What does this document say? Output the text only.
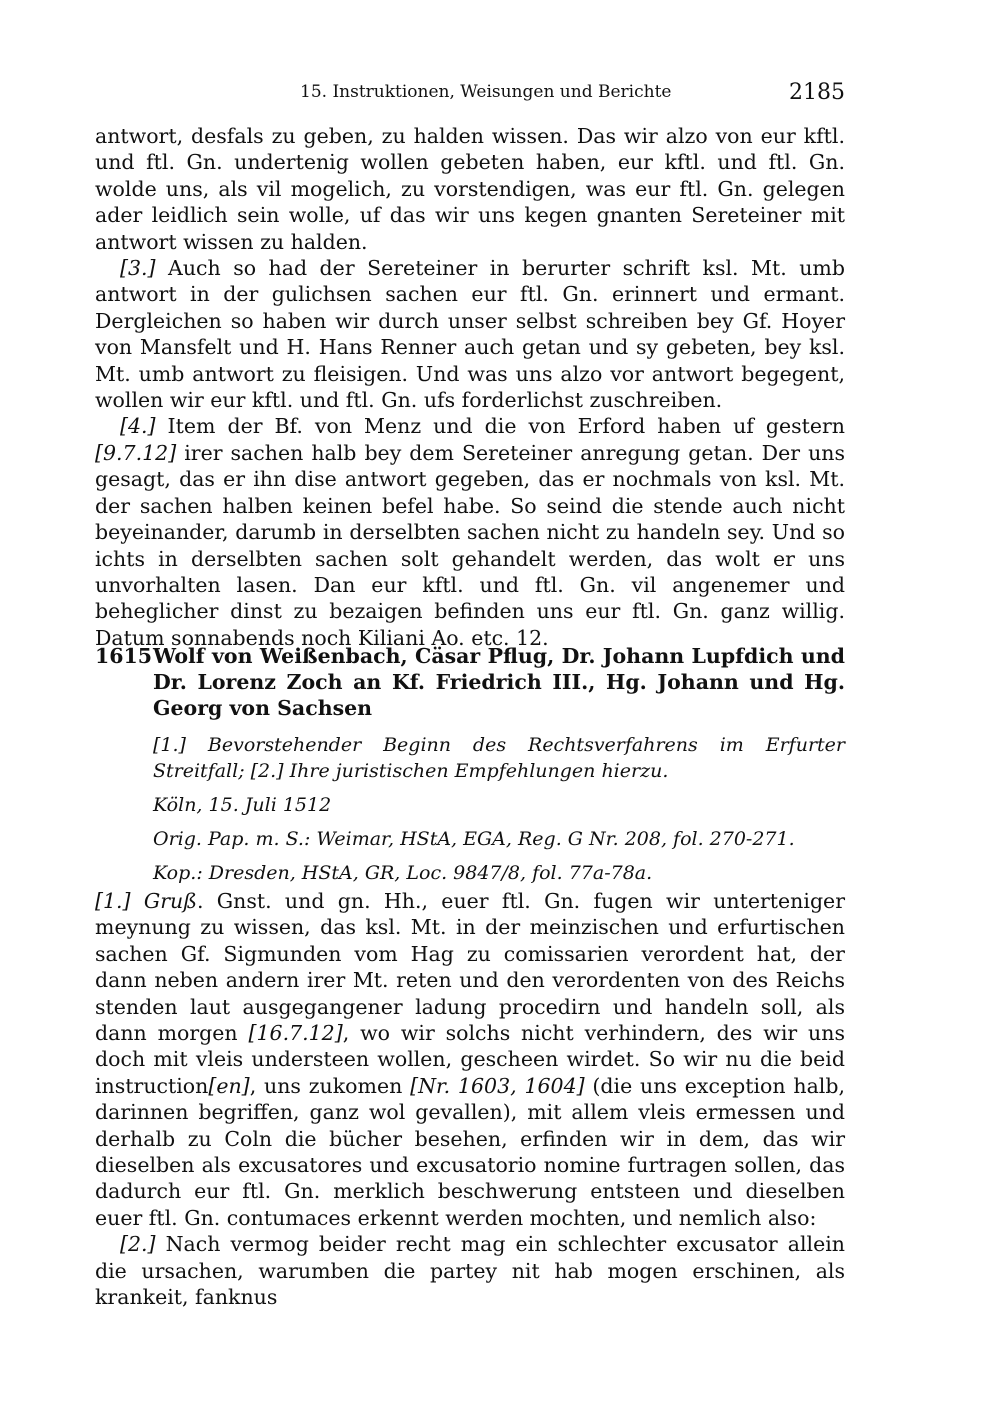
15. Instruktionen, Weisungen und Berichte	2185

antwort, desfals zu geben, zu halden wissen. Das wir alzo von eur kftl. und ftl. Gn. undertenig wollen gebeten haben, eur kftl. und ftl. Gn. wolde uns, als vil mogelich, zu vorstendigen, was eur ftl. Gn. gelegen ader leidlich sein wolle, uf das wir uns kegen gnanten Sereteiner mit antwort wissen zu halden.

[3.] Auch so had der Sereteiner in berurter schrift ksl. Mt. umb antwort in der gulichsen sachen eur ftl. Gn. erinnert und ermant. Dergleichen so haben wir durch unser selbst schreiben bey Gf. Hoyer von Mansfelt und H. Hans Renner auch getan und sy gebeten, bey ksl. Mt. umb antwort zu fleisigen. Und was uns alzo vor antwort begegent, wollen wir eur kftl. und ftl. Gn. ufs forderlichst zuschreiben.

[4.] Item der Bf. von Menz und die von Erford haben uf gestern [9.7.12] irer sachen halb bey dem Sereteiner anregung getan. Der uns gesagt, das er ihn dise antwort gegeben, das er nochmals von ksl. Mt. der sachen halben keinen befel habe. So seind die stende auch nicht beyeinander, darumb in derselbten sachen nicht zu handeln sey. Und so ichts in derselbten sachen solt gehandelt werden, das wolt er uns unvorhalten lasen. Dan eur kftl. und ftl. Gn. vil angenemer und beheglicher dinst zu bezaigen befinden uns eur ftl. Gn. ganz willig. Datum sonnabends noch Kiliani Ao. etc. 12.

1615 Wolf von Weißenbach, Cäsar Pflug, Dr. Johann Lupfdich und Dr. Lorenz Zoch an Kf. Friedrich III., Hg. Johann und Hg. Georg von Sachsen
[1.] Bevorstehender Beginn des Rechtsverfahrens im Erfurter Streitfall; [2.] Ihre juristischen Empfehlungen hierzu.
Köln, 15. Juli 1512
Orig. Pap. m. S.: Weimar, HStA, EGA, Reg. G Nr. 208, fol. 270-271.
Kop.: Dresden, HStA, GR, Loc. 9847/8, fol. 77a-78a.

[1.] Gruß. Gnst. und gn. Hh., euer ftl. Gn. fugen wir unterteniger meynung zu wissen, das ksl. Mt. in der meinzischen und erfurtischen sachen Gf. Sigmunden vom Hag zu comissarien verordent hat, der dann neben andern irer Mt. reten und den verordenten von des Reichs stenden laut ausgegangener ladung procedirn und handeln soll, als dann morgen [16.7.12], wo wir solchs nicht verhindern, des wir uns doch mit vleis understeen wollen, gescheen wirdet. So wir nu die beid instruction[en], uns zukomen [Nr. 1603, 1604] (die uns exception halb, darinnen begriffen, ganz wol gevallen), mit allem vleis ermessen und derhalb zu Coln die bücher besehen, erfinden wir in dem, das wir dieselben als excusatores und excusatorio nomine furtragen sollen, das dadurch eur ftl. Gn. merklich beschwerung entsteen und dieselben euer ftl. Gn. contumaces erkennt werden mochten, und nemlich also:

[2.] Nach vermog beider recht mag ein schlechter excusator allein die ursachen, warumben die partey nit hab mogen erschinen, als krankeit, fanknus
